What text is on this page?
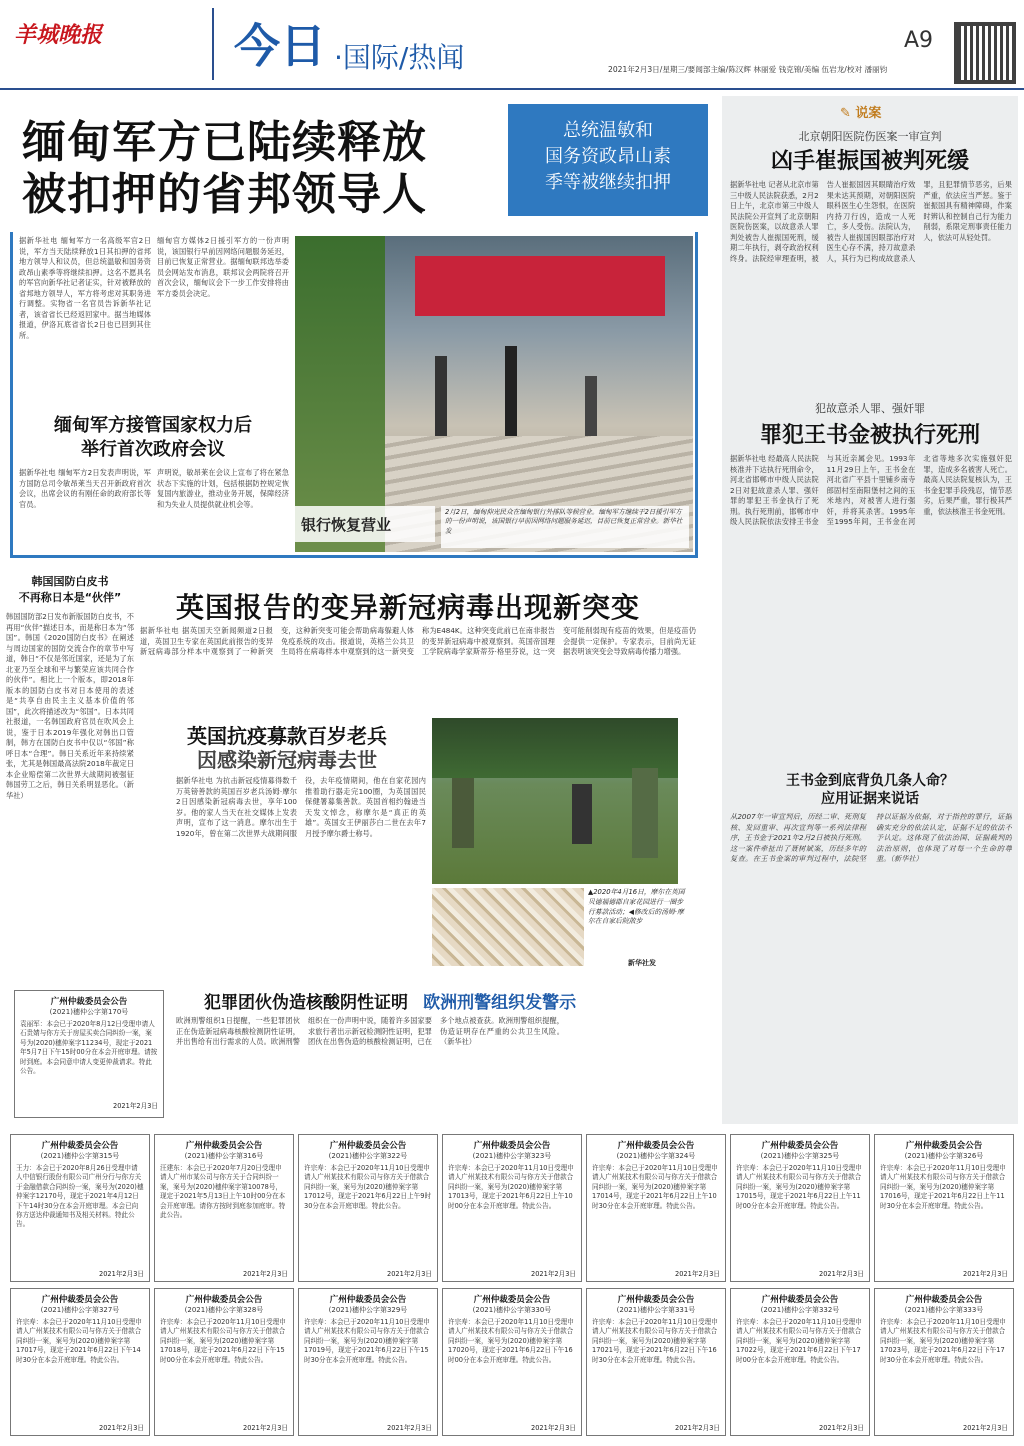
羊城晚报	今日 ·国际/热闻
A9
2021年2月3日/星期三/要闻部主编/陈汉辉 林丽爱 钱克锦/美编 伍岩龙/校对 潘丽钧
缅甸军方已陆续释放
被扣押的省邦领导人
总统温敏和
国务资政昂山素
季等被继续扣押
据新华社电 缅甸军方一名高级军官2日说，军方当天陆续释放1日其扣押的省邦地方领导人和议员，但总统温敏和国务资政昂山素季等将继续扣押。这名不愿具名的军官向新华社记者证实，针对被释放的省邦地方领导人，军方将考虑对其职务进行调整。实物省一名官员告诉新华社记者，该省省长已经返回家中。据当地媒体报道，伊洛瓦底省省长2日也已回到其住所。
缅甸官方媒体2日援引军方的一份声明说，该国银行早前因网络问题服务延迟，目前已恢复正常营业。据缅甸联邦选举委员会网站发布消息，联邦议会两院将召开首次会议，缅甸议会下一步工作安排将由军方委员会决定。
缅甸军方接管国家权力后
举行首次政府会议
据新华社电 缅甸军方2日发表声明说，军方国防总司令敏昂莱当天召开新政府首次会议，出席会议的有刚任命的政府部长等官员。
声明说，敏昂莱在会议上宣布了将在紧急状态下实施的计划，包括根据防控规定恢复国内旅游业，推动业务开展，保障经济和为失业人员提供就业机会等。
银行恢复营业
2月2日，缅甸仰光民众在缅甸银行外排队等候营业。缅甸军方继续于2日援引军方的一份声明说，该国银行早前因网络问题服务延迟，目前已恢复正常营业。新华社发
韩国国防白皮书
不再称日本是“伙伴”
韩国国防部2日发布新版国防白皮书，不再用“伙伴”描述日本，而是称日本为“邻国”。韩国《2020国防白皮书》在阐述与周边国家的国防交流合作的章节中写道，韩日“不仅是邻近国家，还是为了东北亚乃至全球和平与繁荣应该共同合作的伙伴”。相比上一个版本，即2018年版本的国防白皮书对日本使用的表述是“共享自由民主主义基本价值的邻国”，此次将描述改为“邻国”。日本共同社报道，一名韩国政府官员在吹风会上说，鉴于日本2019年强化对韩出口管制，韩方在国防白皮书中仅以“邻国”称呼日本“合理”。韩日关系近年来持续紧张，尤其是韩国最高法院2018年裁定日本企业赔偿第二次世界大战期间被强征韩国劳工之后，韩日关系明显恶化。（新华社）
英国报告的变异新冠病毒出现新突变
据新华社电 据英国天空新闻频道2日报道，英国卫生专家在英国此前报告的变异新冠病毒部分样本中观察到了一种新突变，这种新突变可能会帮助病毒躲避人体免疫系统的攻击。报道说，英格兰公共卫生局将在病毒样本中观察到的这一新突变称为E484K。这种突变此前已在南非报告的变异新冠病毒中被观察到。英国帝国理工学院病毒学家斯蒂芬·格里芬说，这一突变可能削弱现有疫苗的效果，但是疫苗仍会提供一定保护。专家表示，目前尚无证据表明该突变会导致病毒传播力增强。
英国抗疫募款百岁老兵
因感染新冠病毒去世
据新华社电 为抗击新冠疫情募得数千万英镑善款的英国百岁老兵汤姆·摩尔2日因感染新冠病毒去世，享年100岁。他的家人当天在社交媒体上发表声明，宣布了这一消息。摩尔出生于1920年，曾在第二次世界大战期间服役，去年疫情期间，他在自家花园内推着助行器走完100圈，为英国国民保健署募集善款。英国首相约翰逊当天发文悼念，称摩尔是“真正的英雄”。英国女王伊丽莎白二世在去年7月授予摩尔爵士称号。
▲2020年4月16日，摩尔在英国贝德福德郡自家花园进行一圈步行募款活动；◀修改后的汤姆·摩尔在自家后院散步
新华社发
犯罪团伙伪造核酸阴性证明 欧洲刑警组织发警示
欧洲刑警组织1日提醒，一些犯罪团伙正在伪造新冠病毒核酸检测阴性证明，并出售给有出行需求的人员。欧洲刑警组织在一份声明中说，随着许多国家要求旅行者出示新冠检测阴性证明，犯罪团伙在出售伪造的核酸检测证明，已在多个地点被查获。欧洲刑警组织提醒，伪造证明存在严重的公共卫生风险。（新华社）
广州仲裁委员会公告
(2021)穗仲公字第170号
袁丽军：本会已于2020年8月12日受理申请人石贵婧与你方关于房屋买卖合同纠纷一案，案号为(2020)穗仲案字11234号，现定于2021年5月7日下午15时00分在本会开庭审理。请按时到庭。本会同意申请人变更仲裁请求。特此公告。
2021年2月3日
✎ 说案
北京朝阳医院伤医案一审宣判
凶手崔振国被判死缓
据新华社电 记者从北京市第三中级人民法院获悉，2月2日上午，北京市第三中级人民法院公开宣判了北京朝阳医院伤医案，以故意杀人罪判处被告人崔振国死刑，缓期二年执行，剥夺政治权利终身。法院经审理查明，被告人崔振国因其眼睛治疗效果未达其预期，对朝阳医院眼科医生心生怨恨，在医院内持刀行凶，造成一人死亡，多人受伤。法院认为，被告人崔振国因眼部治疗对医生心存不满，持刀故意杀人，其行为已构成故意杀人罪，且犯罪情节恶劣，后果严重，依法应当严惩。鉴于崔振国具有精神障碍，作案时辨认和控制自己行为能力削弱，系限定刑事责任能力人，依法可从轻处罚。
犯故意杀人罪、强奸罪
罪犯王书金被执行死刑
据新华社电 经最高人民法院核准并下达执行死刑命令，河北省邯郸市中级人民法院2日对犯故意杀人罪、强奸罪的罪犯王书金执行了死刑。执行死刑前，邯郸市中级人民法院依法安排王书金与其近亲属会见。1993年11月29日上午，王书金在河北省广平县十里铺乡南寺郎固村至南阳堡村之间的玉米地内，对被害人进行强奸，并将其杀害。1995年至1995年间，王书金在河北省等地多次实施强奸犯罪，造成多名被害人死亡。最高人民法院复核认为，王书金犯罪手段残忍，情节恶劣，后果严重，罪行极其严重，依法核准王书金死刑。
王书金到底背负几条人命？
应用证据来说话
从2007年一审宣判后，历经二审、死刑复核、发回重审、再次宣判等一系列法律程序，王书金于2021年2月2日被执行死刑。这一案件牵扯出了聂树斌案，历经多年的复查。在王书金案的审判过程中，法院坚持以证据为依据，对于指控的罪行，证据确实充分的依法认定，证据不足的依法不予认定。这体现了依法治国、证据裁判的法治原则，也体现了对每一个生命的尊重。（新华社）
广州仲裁委员会公告
(2021)穗仲公字第315号
王力：本会已于2020年8月26日受理申请人中信银行股份有限公司广州分行与你方关于金融借款合同纠纷一案，案号为(2020)穗仲案字12170号，现定于2021年4月12日下午14时30分在本会开庭审理。本会已向你方送达仲裁通知书及相关材料。特此公告。
2021年2月3日
广州仲裁委员会公告
(2021)穗仲公字第316号
汪建东：本会已于2020年7月20日受理申请人广州市某公司与你方关于合同纠纷一案，案号为(2020)穗仲案字第10078号，现定于2021年5月13日上午10时00分在本会开庭审理。请你方按时到庭参加庭审。特此公告。
2021年2月3日
广州仲裁委员会公告
(2021)穗仲公字第322号
许宗寿：本会已于2020年11月10日受理申请人广州某技术有限公司与你方关于借款合同纠纷一案，案号为(2020)穗仲案字第17012号，现定于2021年6月22日上午9时30分在本会开庭审理。特此公告。
2021年2月3日
广州仲裁委员会公告
(2021)穗仲公字第323号
许宗寿：本会已于2020年11月10日受理申请人广州某技术有限公司与你方关于借款合同纠纷一案，案号为(2020)穗仲案字第17013号，现定于2021年6月22日上午10时00分在本会开庭审理。特此公告。
2021年2月3日
广州仲裁委员会公告
(2021)穗仲公字第324号
许宗寿：本会已于2020年11月10日受理申请人广州某技术有限公司与你方关于借款合同纠纷一案，案号为(2020)穗仲案字第17014号，现定于2021年6月22日上午10时30分在本会开庭审理。特此公告。
2021年2月3日
广州仲裁委员会公告
(2021)穗仲公字第325号
许宗寿：本会已于2020年11月10日受理申请人广州某技术有限公司与你方关于借款合同纠纷一案，案号为(2020)穗仲案字第17015号，现定于2021年6月22日上午11时00分在本会开庭审理。特此公告。
2021年2月3日
广州仲裁委员会公告
(2021)穗仲公字第326号
许宗寿：本会已于2020年11月10日受理申请人广州某技术有限公司与你方关于借款合同纠纷一案，案号为(2020)穗仲案字第17016号，现定于2021年6月22日上午11时30分在本会开庭审理。特此公告。
2021年2月3日
广州仲裁委员会公告
(2021)穗仲公字第327号
许宗寿：本会已于2020年11月10日受理申请人广州某技术有限公司与你方关于借款合同纠纷一案，案号为(2020)穗仲案字第17017号，现定于2021年6月22日下午14时30分在本会开庭审理。特此公告。
2021年2月3日
广州仲裁委员会公告
(2021)穗仲公字第328号
许宗寿：本会已于2020年11月10日受理申请人广州某技术有限公司与你方关于借款合同纠纷一案，案号为(2020)穗仲案字第17018号，现定于2021年6月22日下午15时00分在本会开庭审理。特此公告。
2021年2月3日
广州仲裁委员会公告
(2021)穗仲公字第329号
许宗寿：本会已于2020年11月10日受理申请人广州某技术有限公司与你方关于借款合同纠纷一案，案号为(2020)穗仲案字第17019号，现定于2021年6月22日下午15时30分在本会开庭审理。特此公告。
2021年2月3日
广州仲裁委员会公告
(2021)穗仲公字第330号
许宗寿：本会已于2020年11月10日受理申请人广州某技术有限公司与你方关于借款合同纠纷一案，案号为(2020)穗仲案字第17020号，现定于2021年6月22日下午16时00分在本会开庭审理。特此公告。
2021年2月3日
广州仲裁委员会公告
(2021)穗仲公字第331号
许宗寿：本会已于2020年11月10日受理申请人广州某技术有限公司与你方关于借款合同纠纷一案，案号为(2020)穗仲案字第17021号，现定于2021年6月22日下午16时30分在本会开庭审理。特此公告。
2021年2月3日
广州仲裁委员会公告
(2021)穗仲公字第332号
许宗寿：本会已于2020年11月10日受理申请人广州某技术有限公司与你方关于借款合同纠纷一案，案号为(2020)穗仲案字第17022号，现定于2021年6月22日下午17时00分在本会开庭审理。特此公告。
2021年2月3日
广州仲裁委员会公告
(2021)穗仲公字第333号
许宗寿：本会已于2020年11月10日受理申请人广州某技术有限公司与你方关于借款合同纠纷一案，案号为(2020)穗仲案字第17023号，现定于2021年6月22日下午17时30分在本会开庭审理。特此公告。
2021年2月3日
